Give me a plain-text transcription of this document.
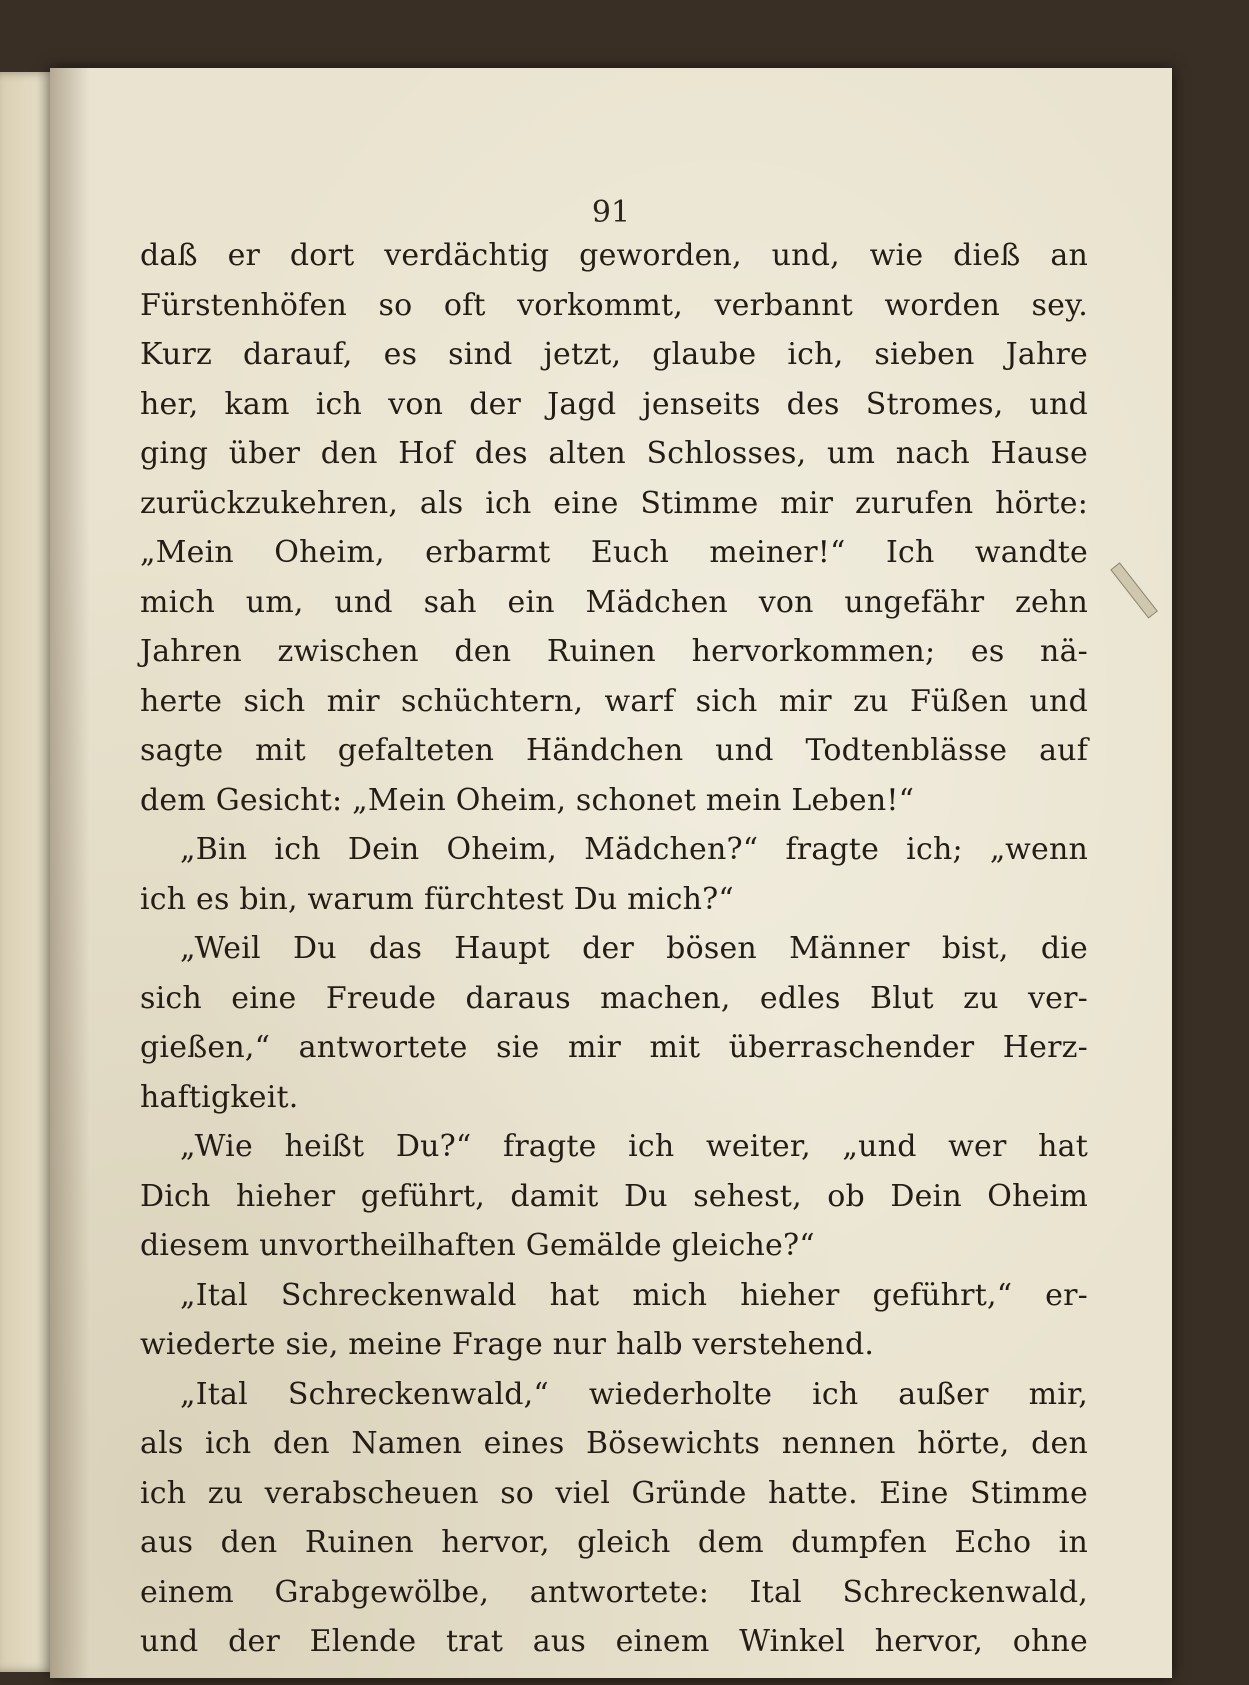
91
daß er dort verdächtig geworden, und, wie dieß an
Fürstenhöfen so oft vorkommt, verbannt worden sey.
Kurz darauf, es sind jetzt, glaube ich, sieben Jahre
her, kam ich von der Jagd jenseits des Stromes, und
ging über den Hof des alten Schlosses, um nach Hause
zurückzukehren, als ich eine Stimme mir zurufen hörte:
„Mein Oheim, erbarmt Euch meiner!“ Ich wandte
mich um, und sah ein Mädchen von ungefähr zehn
Jahren zwischen den Ruinen hervorkommen; es nä-
herte sich mir schüchtern, warf sich mir zu Füßen und
sagte mit gefalteten Händchen und Todtenblässe auf
dem Gesicht: „Mein Oheim, schonet mein Leben!“
„Bin ich Dein Oheim, Mädchen?“ fragte ich; „wenn
ich es bin, warum fürchtest Du mich?“
„Weil Du das Haupt der bösen Männer bist, die
sich eine Freude daraus machen, edles Blut zu ver-
gießen,“ antwortete sie mir mit überraschender Herz-
haftigkeit.
„Wie heißt Du?“ fragte ich weiter, „und wer hat
Dich hieher geführt, damit Du sehest, ob Dein Oheim
diesem unvortheilhaften Gemälde gleiche?“
„Ital Schreckenwald hat mich hieher geführt,“ er-
wiederte sie, meine Frage nur halb verstehend.
„Ital Schreckenwald,“ wiederholte ich außer mir,
als ich den Namen eines Bösewichts nennen hörte, den
ich zu verabscheuen so viel Gründe hatte. Eine Stimme
aus den Ruinen hervor, gleich dem dumpfen Echo in
einem Grabgewölbe, antwortete: Ital Schreckenwald,
und der Elende trat aus einem Winkel hervor, ohne
